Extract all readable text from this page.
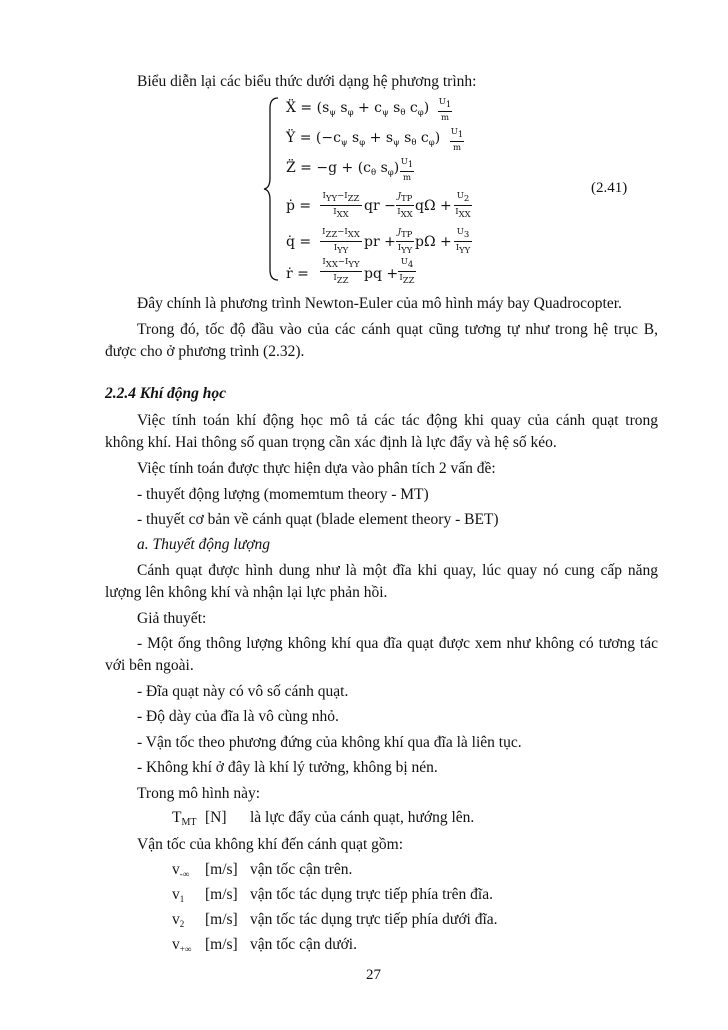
Biểu diễn lại các biểu thức dưới dạng hệ phương trình:
Ẍ = ($s_\psi$ $s_\varphi + c_\psi$ $s_\theta$ $c_\varphi$) U1
m
Ÿ = ($-c_\psi$ $s_\varphi + s_\psi$ $s_\theta$ $c_\varphi$) U1
m
Z̈ = $-g + (c_\theta$ $s_\varphi$) U1
m
ṗ =
IYY−IZZ
IXX
qr −
JTP
IXX
qΩ +
U2
IXX
q̇ =
IZZ−IXX
IYY
pr +
JTP
IYY
pΩ +
U3
IYY
ṙ =
IXX−IYY
IZZ	pq +
U4
IZZ
(2.41)
Đây chính là phương trình Newton-Euler của mô hình máy bay Quadrocopter.
Trong đó, tốc độ đầu vào của các cánh quạt cũng tương tự như trong hệ trục B,
được cho ở phương trình (2.32).
2.2.4 Khí động học
Việc tính toán khí động học mô tả các tác động khi quay của cánh quạt trong
không khí. Hai thông số quan trọng cần xác định là lực đẩy và hệ số kéo.
Việc tính toán được thực hiện dựa vào phân tích 2 vấn đề:
- thuyết động lượng (momemtum theory - MT)
- thuyết cơ bản về cánh quạt (blade element theory - BET)
a. Thuyết động lượng
Cánh quạt được hình dung như là một đĩa khi quay, lúc quay nó cung cấp năng
lượng lên không khí và nhận lại lực phản hồi.
Giả thuyết:
- Một ống thông lượng không khí qua đĩa quạt được xem như không có tương tác
với bên ngoài.
- Đĩa quạt này có vô số cánh quạt.
- Độ dày của đĩa là vô cùng nhỏ.
- Vận tốc theo phương đứng của không khí qua đĩa là liên tục.
- Không khí ở đây là khí lý tưởng, không bị nén.
Trong mô hình này:
$T_{MT}$ [N] là lực đẩy của cánh quạt, hướng lên.
Vận tốc của không khí đến cánh quạt gồm:
$v_{-\infty}$ [m/s] vận tốc cận trên.
$v_1$ [m/s] vận tốc tác dụng trực tiếp phía trên đĩa.
$v_2$ [m/s] vận tốc tác dụng trực tiếp phía dưới đĩa.
$v_{+\infty}$ [m/s] vận tốc cận dưới.
27
